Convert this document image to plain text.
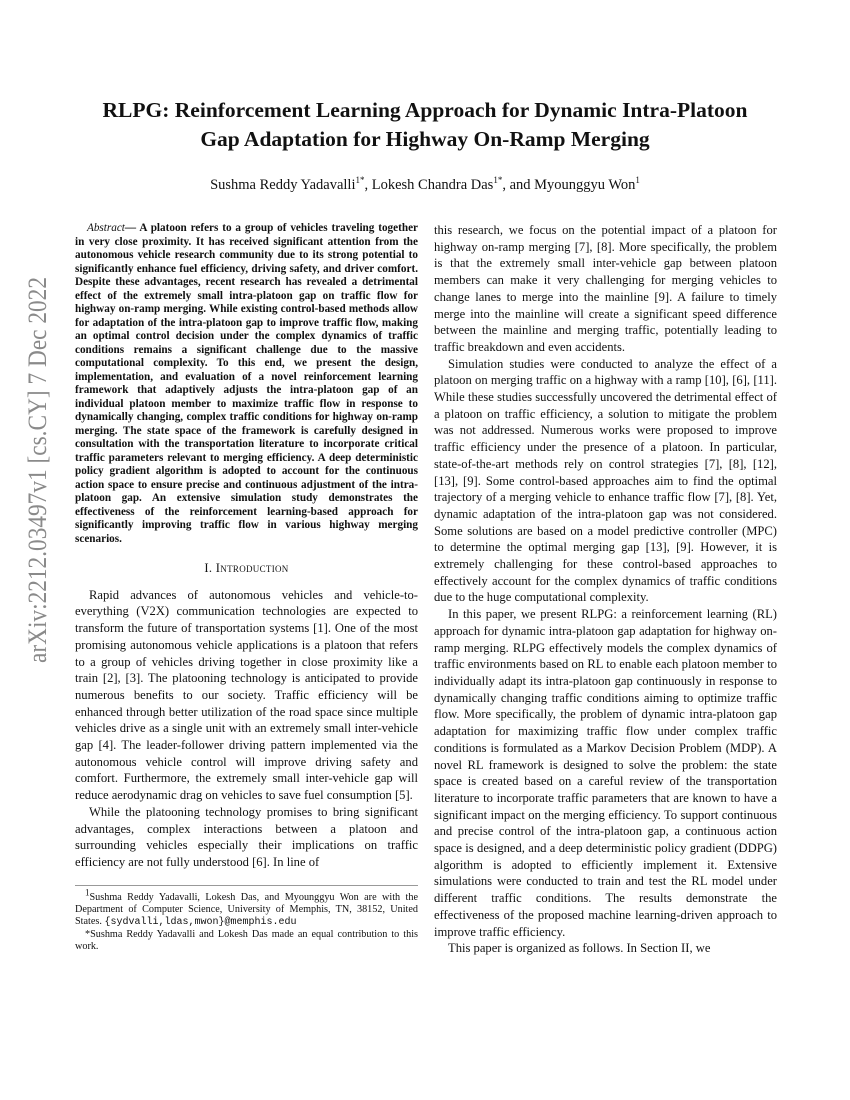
arXiv:2212.03497v1 [cs.CY] 7 Dec 2022
RLPG: Reinforcement Learning Approach for Dynamic Intra-Platoon
Gap Adaptation for Highway On-Ramp Merging
Sushma Reddy Yadavalli$^{1*}$, Lokesh Chandra Das$^{1*}$, and Myounggyu Won$^1$

Abstract— A platoon refers to a group of vehicles traveling together in very close proximity. It has received significant attention from the autonomous vehicle research community due to its strong potential to significantly enhance fuel efficiency, driving safety, and driver comfort. Despite these advantages, recent research has revealed a detrimental effect of the extremely small intra-platoon gap on traffic flow for highway on-ramp merging. While existing control-based methods allow for adaptation of the intra-platoon gap to improve traffic flow, making an optimal control decision under the complex dynamics of traffic conditions remains a significant challenge due to the massive computational complexity. To this end, we present the design, implementation, and evaluation of a novel reinforcement learning framework that adaptively adjusts the intra-platoon gap of an individual platoon member to maximize traffic flow in response to dynamically changing, complex traffic conditions for highway on-ramp merging. The state space of the framework is carefully designed in consultation with the transportation literature to incorporate critical traffic parameters relevant to merging efficiency. A deep deterministic policy gradient algorithm is adopted to account for the continuous action space to ensure precise and continuous adjustment of the intra-platoon gap. An extensive simulation study demonstrates the effectiveness of the reinforcement learning-based approach for significantly improving traffic flow in various highway merging scenarios.

I. Introduction

Rapid advances of autonomous vehicles and vehicle-to-everything (V2X) communication technologies are expected to transform the future of transportation systems [1]. One of the most promising autonomous vehicle applications is a platoon that refers to a group of vehicles driving together in close proximity like a train [2], [3]. The platooning technology is anticipated to provide numerous benefits to our society. Traffic efficiency will be enhanced through better utilization of the road space since multiple vehicles drive as a single unit with an extremely small inter-vehicle gap [4]. The leader-follower driving pattern implemented via the autonomous vehicle control will improve driving safety and comfort. Furthermore, the extremely small inter-vehicle gap will reduce aerodynamic drag on vehicles to save fuel consumption [5].

While the platooning technology promises to bring significant advantages, complex interactions between a platoon and surrounding vehicles especially their implications on traffic efficiency are not fully understood [6]. In line of

$^1$Sushma Reddy Yadavalli, Lokesh Das, and Myounggyu Won are with the Department of Computer Science, University of Memphis, TN, 38152, United States. {sydvalli,ldas,mwon}@memphis.edu

*Sushma Reddy Yadavalli and Lokesh Das made an equal contribution to this work.

this research, we focus on the potential impact of a platoon for highway on-ramp merging [7], [8]. More specifically, the problem is that the extremely small inter-vehicle gap between platoon members can make it very challenging for merging vehicles to change lanes to merge into the mainline [9]. A failure to timely merge into the mainline will create a significant speed difference between the mainline and merging traffic, potentially leading to traffic breakdown and even accidents.

Simulation studies were conducted to analyze the effect of a platoon on merging traffic on a highway with a ramp [10], [6], [11]. While these studies successfully uncovered the detrimental effect of a platoon on traffic efficiency, a solution to mitigate the problem was not addressed. Numerous works were proposed to improve traffic efficiency under the presence of a platoon. In particular, state-of-the-art methods rely on control strategies [7], [8], [12], [13], [9]. Some control-based approaches aim to find the optimal trajectory of a merging vehicle to enhance traffic flow [7], [8]. Yet, dynamic adaptation of the intra-platoon gap was not considered. Some solutions are based on a model predictive controller (MPC) to determine the optimal merging gap [13], [9]. However, it is extremely challenging for these control-based approaches to effectively account for the complex dynamics of traffic conditions due to the huge computational complexity.

In this paper, we present RLPG: a reinforcement learning (RL) approach for dynamic intra-platoon gap adaptation for highway on-ramp merging. RLPG effectively models the complex dynamics of traffic environments based on RL to enable each platoon member to individually adapt its intra-platoon gap continuously in response to dynamically changing traffic conditions aiming to optimize traffic flow. More specifically, the problem of dynamic intra-platoon gap adaptation for maximizing traffic flow under complex traffic conditions is formulated as a Markov Decision Problem (MDP). A novel RL framework is designed to solve the problem: the state space is created based on a careful review of the transportation literature to incorporate traffic parameters that are known to have a significant impact on the merging efficiency. To support continuous and precise control of the intra-platoon gap, a continuous action space is designed, and a deep deterministic policy gradient (DDPG) algorithm is adopted to efficiently implement it. Extensive simulations were conducted to train and test the RL model under different traffic conditions. The results demonstrate the effectiveness of the proposed machine learning-driven approach to improve traffic efficiency.

This paper is organized as follows. In Section II, we
